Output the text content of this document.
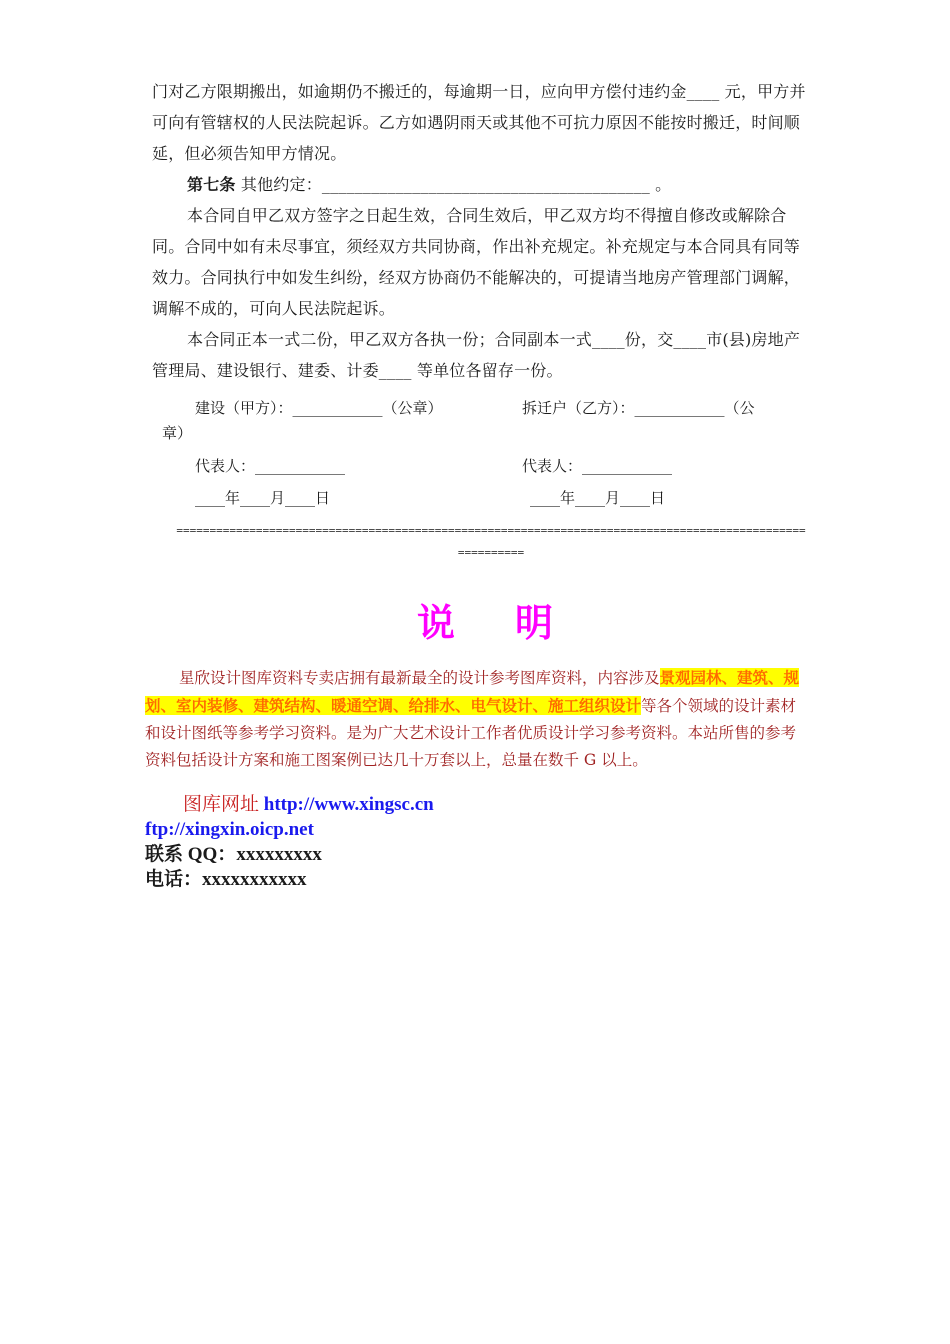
门对乙方限期搬出，如逾期仍不搬迁的，每逾期一日，应向甲方偿付违约金____ 元，甲方并可向有管辖权的人民法院起诉。乙方如遇阴雨天或其他不可抗力原因不能按时搬迁，时间顺延，但必须告知甲方情况。
第七条 其他约定：________________________________________ 。
本合同自甲乙双方签字之日起生效，合同生效后，甲乙双方均不得擅自修改或解除合同。合同中如有未尽事宜，须经双方共同协商，作出补充规定。补充规定与本合同具有同等效力。合同执行中如发生纠纷，经双方协商仍不能解决的，可提请当地房产管理部门调解，调解不成的，可向人民法院起诉。
本合同正本一式二份，甲乙双方各执一份；合同副本一式____份，交____市(县)房地产管理局、建设银行、建委、计委____ 等单位各留存一份。
建设（甲方）：____________（公章）	拆迁户（乙方）：____________（公
章）
代表人：____________	代表人：____________
____年____月____日	____年____月____日
=========================================================================================================
说明
星欣设计图库资料专卖店拥有最新最全的设计参考图库资料，内容涉及景观园林、建筑、规划、室内装修、建筑结构、暖通空调、给排水、电气设计、施工组织设计等各个领域的设计素材和设计图纸等参考学习资料。是为广大艺术设计工作者优质设计学习参考资料。本站所售的参考资料包括设计方案和施工图案例已达几十万套以上，总量在数千 G 以上。
图库网址 http://www.xingsc.cn
ftp://xingxin.oicp.net
联系 QQ：xxxxxxxxx
电话：xxxxxxxxxxx
